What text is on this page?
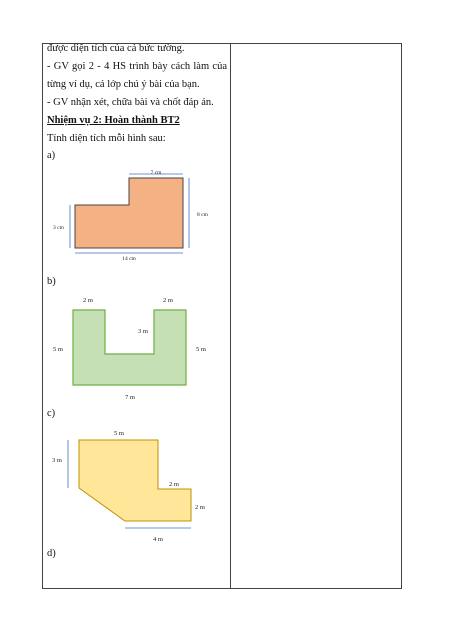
được diện tích của cả bức tường.
- GV gọi 2 - 4 HS trình bày cách làm của
từng ví dụ, cả lớp chú ý bài của bạn.
- GV nhận xét, chữa bài và chốt đáp án.
Nhiệm vụ 2: Hoàn thành BT2
Tính diện tích mỗi hình sau:
a)
b)
c)
d)
7 cm
8 cm
3 cm
14 cm
2 m	2 m
3 m
5 m	5 m
7 m
5 m
3 m
2 m
2 m
4 m
